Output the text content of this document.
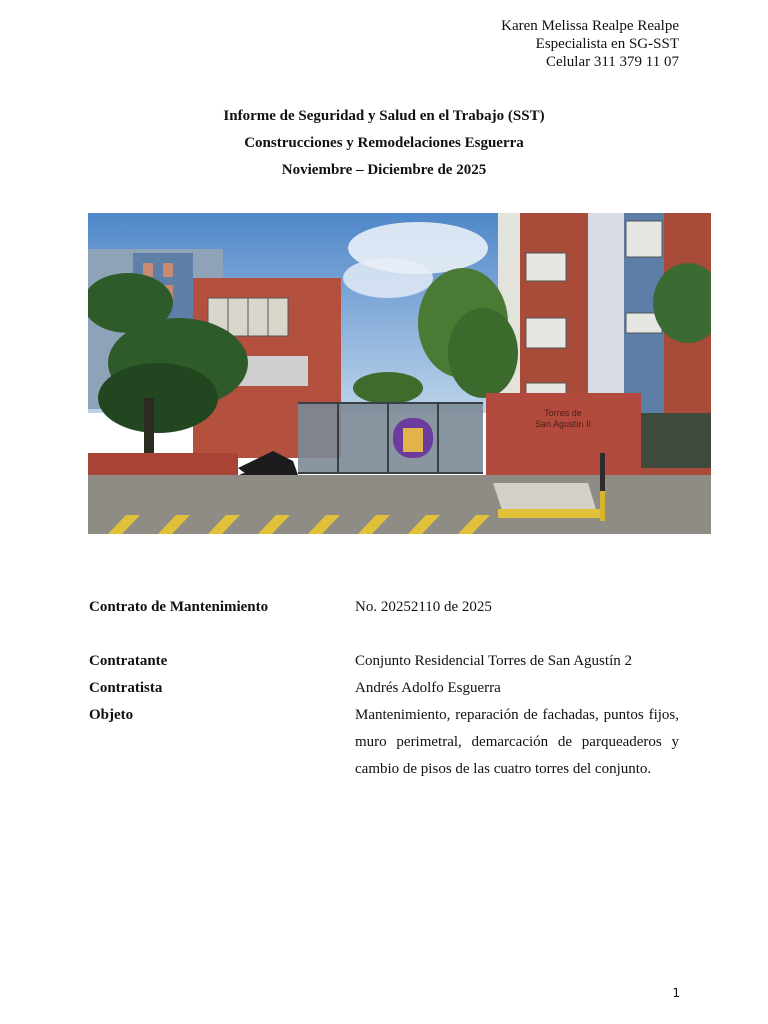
Karen Melissa Realpe Realpe
Especialista en SG-SST
Celular 311 379 11 07
Informe de Seguridad y Salud en el Trabajo (SST)
Construcciones y Remodelaciones Esguerra
Noviembre – Diciembre de 2025
Torres de
San Agustín II
Contrato de Mantenimiento	No. 20252110 de 2025
Contratante	Conjunto Residencial Torres de San Agustín 2
Contratista	Andrés Adolfo Esguerra
Objeto	Mantenimiento, reparación de fachadas, puntos fijos, muro perimetral, demarcación de parqueaderos y cambio de pisos de las cuatro torres del conjunto.
1
